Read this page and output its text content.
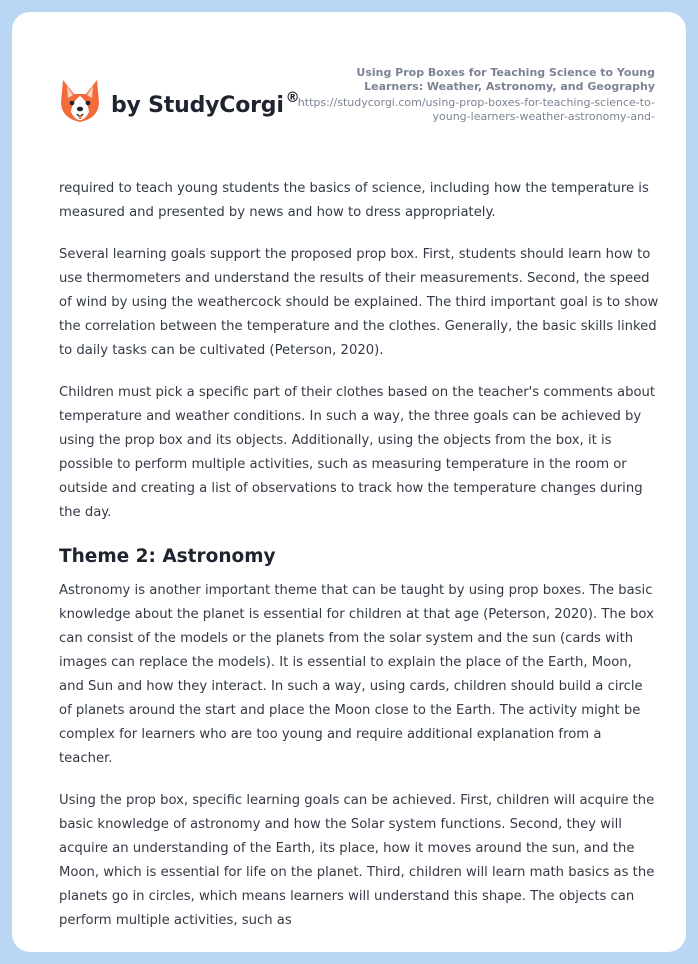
by StudyCorgi ®
Using Prop Boxes for Teaching Science to Young Learners: Weather, Astronomy, and Geography
https://studycorgi.com/using-prop-boxes-for-teaching-science-to-young-learners-weather-astronomy-and-

required to teach young students the basics of science, including how the temperature is measured and presented by news and how to dress appropriately.

Several learning goals support the proposed prop box. First, students should learn how to use thermometers and understand the results of their measurements. Second, the speed of wind by using the weathercock should be explained. The third important goal is to show the correlation between the temperature and the clothes. Generally, the basic skills linked to daily tasks can be cultivated (Peterson, 2020).

Children must pick a specific part of their clothes based on the teacher's comments about temperature and weather conditions. In such a way, the three goals can be achieved by using the prop box and its objects. Additionally, using the objects from the box, it is possible to perform multiple activities, such as measuring temperature in the room or outside and creating a list of observations to track how the temperature changes during the day.

Theme 2: Astronomy

Astronomy is another important theme that can be taught by using prop boxes. The basic knowledge about the planet is essential for children at that age (Peterson, 2020). The box can consist of the models or the planets from the solar system and the sun (cards with images can replace the models). It is essential to explain the place of the Earth, Moon, and Sun and how they interact. In such a way, using cards, children should build a circle of planets around the start and place the Moon close to the Earth. The activity might be complex for learners who are too young and require additional explanation from a teacher.

Using the prop box, specific learning goals can be achieved. First, children will acquire the basic knowledge of astronomy and how the Solar system functions. Second, they will acquire an understanding of the Earth, its place, how it moves around the sun, and the Moon, which is essential for life on the planet. Third, children will learn math basics as the planets go in circles, which means learners will understand this shape. The objects can perform multiple activities, such as
